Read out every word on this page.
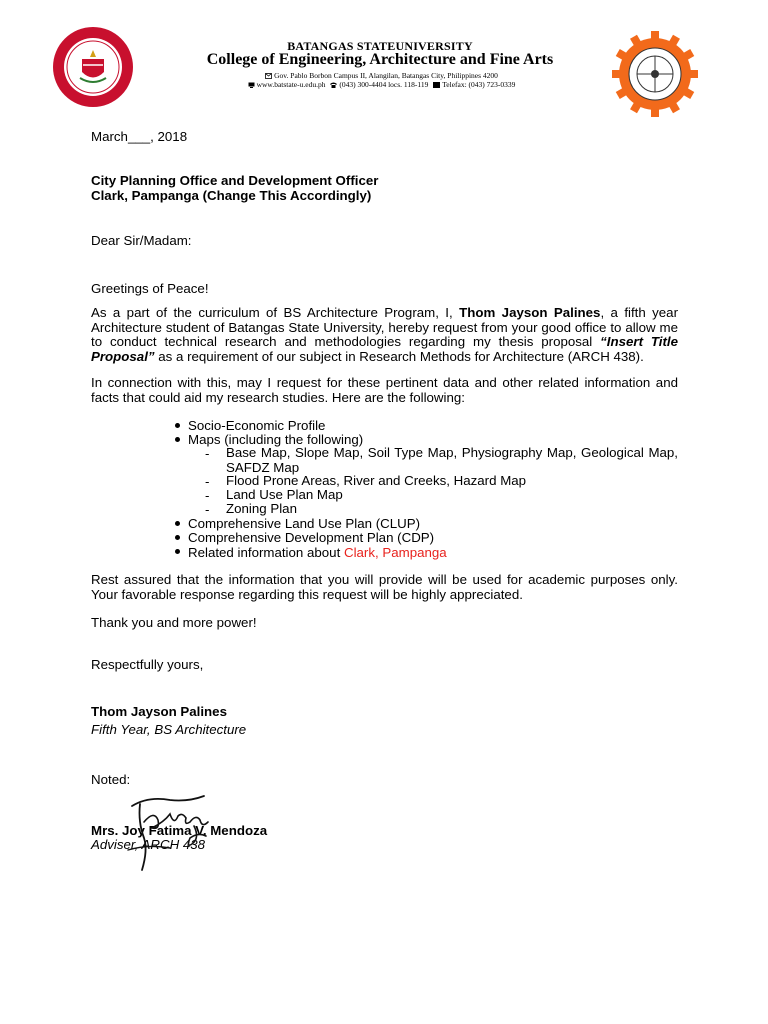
BATANGAS STATEUNIVERSITY
College of Engineering, Architecture and Fine Arts
Gov. Pablo Borbon Campus II, Alangilan, Batangas City, Philippines 4200
www.batstate-u.edu.ph (043) 300-4404 locs. 118-119 Telefax: (043) 723-0339
March___, 2018
City Planning Office and Development Officer
Clark, Pampanga (Change This Accordingly)
Dear Sir/Madam:
Greetings of Peace!
As a part of the curriculum of BS Architecture Program, I, Thom Jayson Palines, a fifth year Architecture student of Batangas State University, hereby request from your good office to allow me to conduct technical research and methodologies regarding my thesis proposal “Insert Title Proposal” as a requirement of our subject in Research Methods for Architecture (ARCH 438).
In connection with this, may I request for these pertinent data and other related information and facts that could aid my research studies. Here are the following:
Socio-Economic Profile
Maps (including the following)
- Base Map, Slope Map, Soil Type Map, Physiography Map, Geological Map, SAFDZ Map
- Flood Prone Areas, River and Creeks, Hazard Map
- Land Use Plan Map
- Zoning Plan
Comprehensive Land Use Plan (CLUP)
Comprehensive Development Plan (CDP)
Related information about Clark, Pampanga
Rest assured that the information that you will provide will be used for academic purposes only. Your favorable response regarding this request will be highly appreciated.
Thank you and more power!
Respectfully yours,
Thom Jayson Palines
Fifth Year, BS Architecture
Noted:
Mrs. Joy Fatima V. Mendoza
Adviser, ARCH 438
